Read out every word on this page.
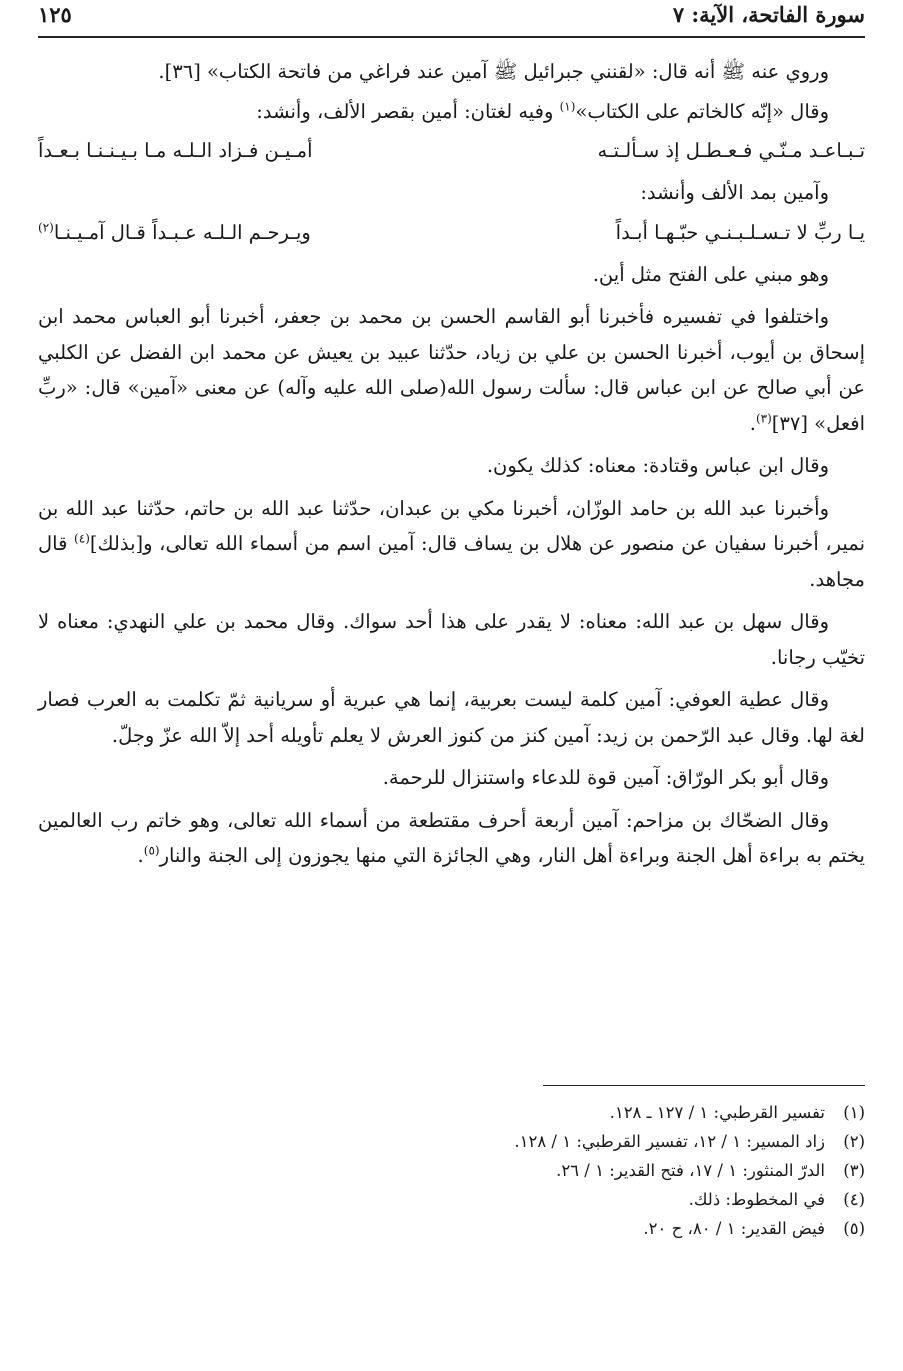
سورة الفاتحة، الآية: ٧
١٢٥

وروي عنه ﷺ أنه قال: «لقنني جبرائيل ﷺ آمين عند فراغي من فاتحة الكتاب» [٣٦].

وقال «إنّه كالخاتم على الكتاب»$^{(١)}$ وفيه لغتان: أمين بقصر الألف، وأنشد:

تـبـاعـد مـنّـي فـعـطـل إذ سـألـتـه
أمـيـن فـزاد الـلـه مـا بـيـنـنـا بـعـداً

وآمين بمد الألف وأنشد:

يـا ربِّ لا تـسـلـبـنـي حبّـهـا أبـداً
ويـرحـم الـلـه عـبـداً قـال آمـيـنـا$^{(٢)}$

وهو مبني على الفتح مثل أين.

واختلفوا في تفسيره فأخبرنا أبو القاسم الحسن بن محمد بن جعفر، أخبرنا أبو العباس محمد ابن إسحاق بن أيوب، أخبرنا الحسن بن علي بن زياد، حدّثنا عبيد بن يعيش عن محمد ابن الفضل عن الكلبي عن أبي صالح عن ابن عباس قال: سألت رسول الله(صلى الله عليه وآله) عن معنى «آمين» قال: «ربِّ افعل» [٣٧]$^{(٣)}$.

وقال ابن عباس وقتادة: معناه: كذلك يكون.

وأخبرنا عبد الله بن حامد الوزّان، أخبرنا مكي بن عبدان، حدّثنا عبد الله بن حاتم، حدّثنا عبد الله بن نمير، أخبرنا سفيان عن منصور عن هلال بن يساف قال: آمين اسم من أسماء الله تعالى، و[بذلك]$^{(٤)}$ قال مجاهد.

وقال سهل بن عبد الله: معناه: لا يقدر على هذا أحد سواك. وقال محمد بن علي النهدي: معناه لا تخيّب رجانا.

وقال عطية العوفي: آمين كلمة ليست بعربية، إنما هي عبرية أو سريانية ثمّ تكلمت به العرب فصار لغة لها. وقال عبد الرّحمن بن زيد: آمين كنز من كنوز العرش لا يعلم تأويله أحد إلاّ الله عزّ وجلّ.

وقال أبو بكر الورّاق: آمين قوة للدعاء واستنزال للرحمة.

وقال الضحّاك بن مزاحم: آمين أربعة أحرف مقتطعة من أسماء الله تعالى، وهو خاتم رب العالمين يختم به براءة أهل الجنة وبراءة أهل النار، وهي الجائزة التي منها يجوزون إلى الجنة والنار$^{(٥)}$.

(١)
تفسير القرطبي: ١ / ١٢٧ ـ ١٢٨.
(٢)
زاد المسير: ١ / ١٢، تفسير القرطبي: ١ / ١٢٨.
(٣)
الدرّ المنثور: ١ / ١٧، فتح القدير: ١ / ٢٦.
(٤)
في المخطوط: ذلك.
(٥)
فيض القدير: ١ / ٨٠، ح ٢٠.
